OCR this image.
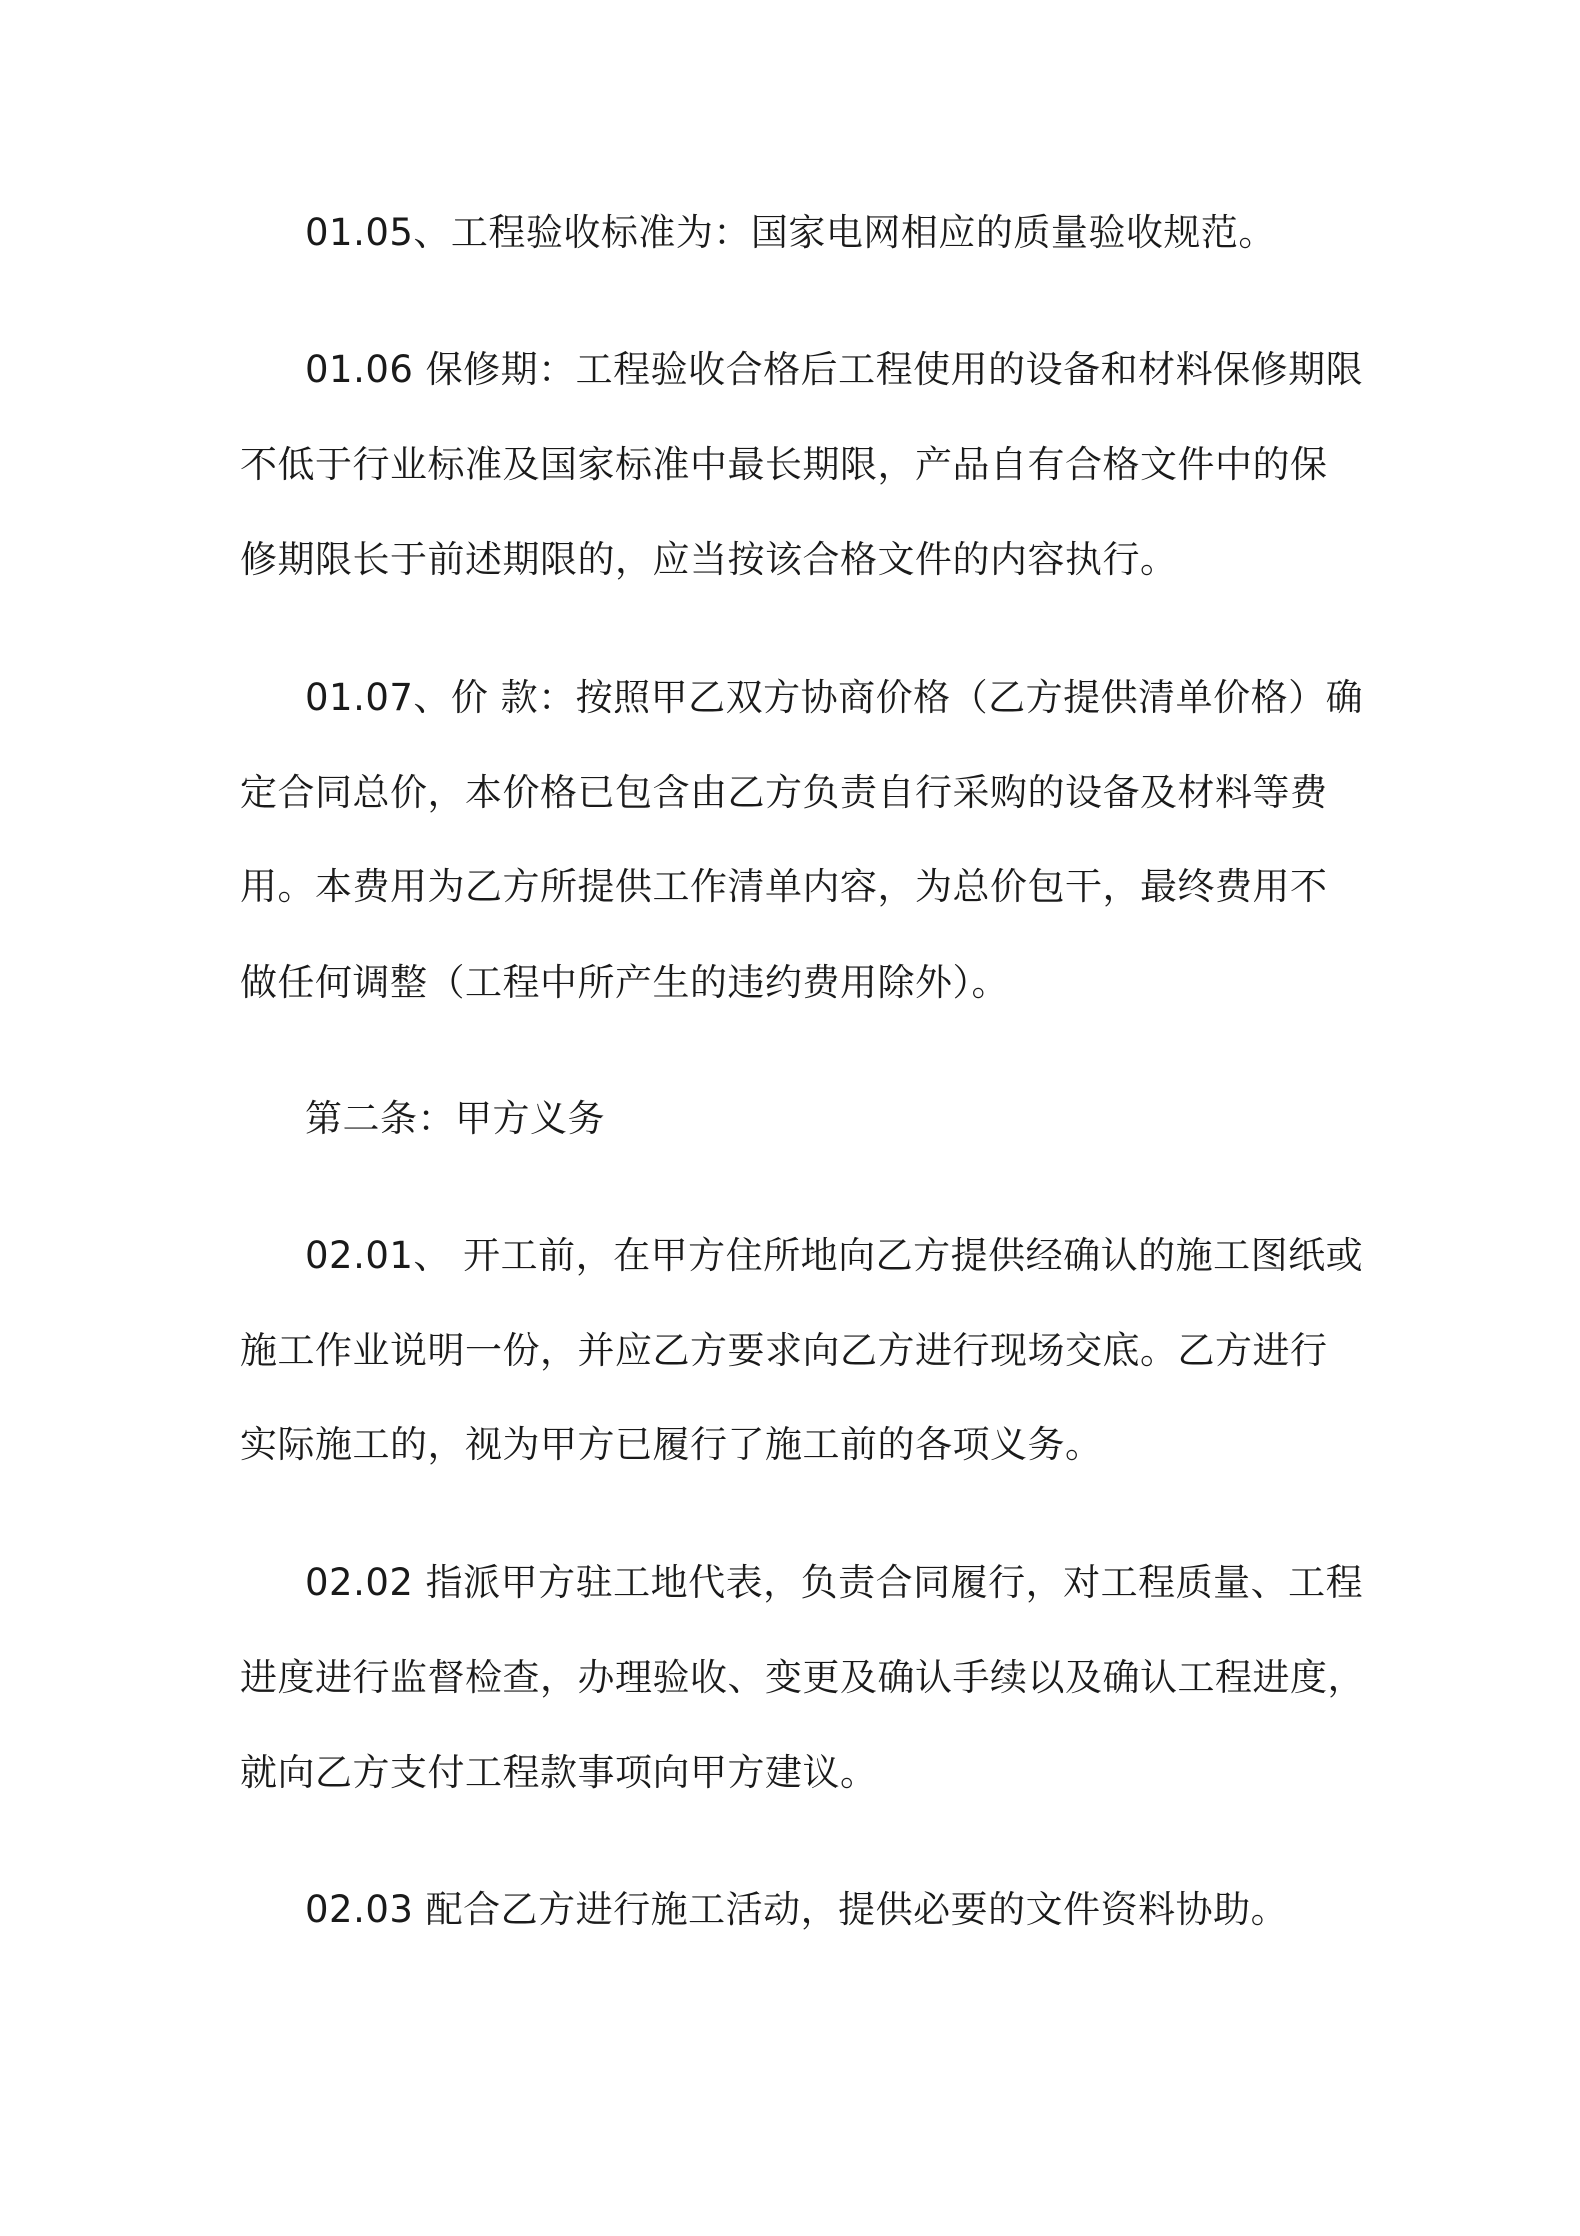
01.05、工程验收标准为：国家电网相应的质量验收规范。
01.06 保修期：工程验收合格后工程使用的设备和材料保修期限
不低于行业标准及国家标准中最长期限，产品自有合格文件中的保
修期限长于前述期限的，应当按该合格文件的内容执行。
01.07、价 款：按照甲乙双方协商价格（乙方提供清单价格）确
定合同总价，本价格已包含由乙方负责自行采购的设备及材料等费
用。本费用为乙方所提供工作清单内容，为总价包干，最终费用不
做任何调整（工程中所产生的违约费用除外）。
第二条：甲方义务
02.01、 开工前，在甲方住所地向乙方提供经确认的施工图纸或
施工作业说明一份，并应乙方要求向乙方进行现场交底。乙方进行
实际施工的，视为甲方已履行了施工前的各项义务。
02.02 指派甲方驻工地代表，负责合同履行，对工程质量、工程
进度进行监督检查，办理验收、变更及确认手续以及确认工程进度，
就向乙方支付工程款事项向甲方建议。
02.03 配合乙方进行施工活动，提供必要的文件资料协助。
